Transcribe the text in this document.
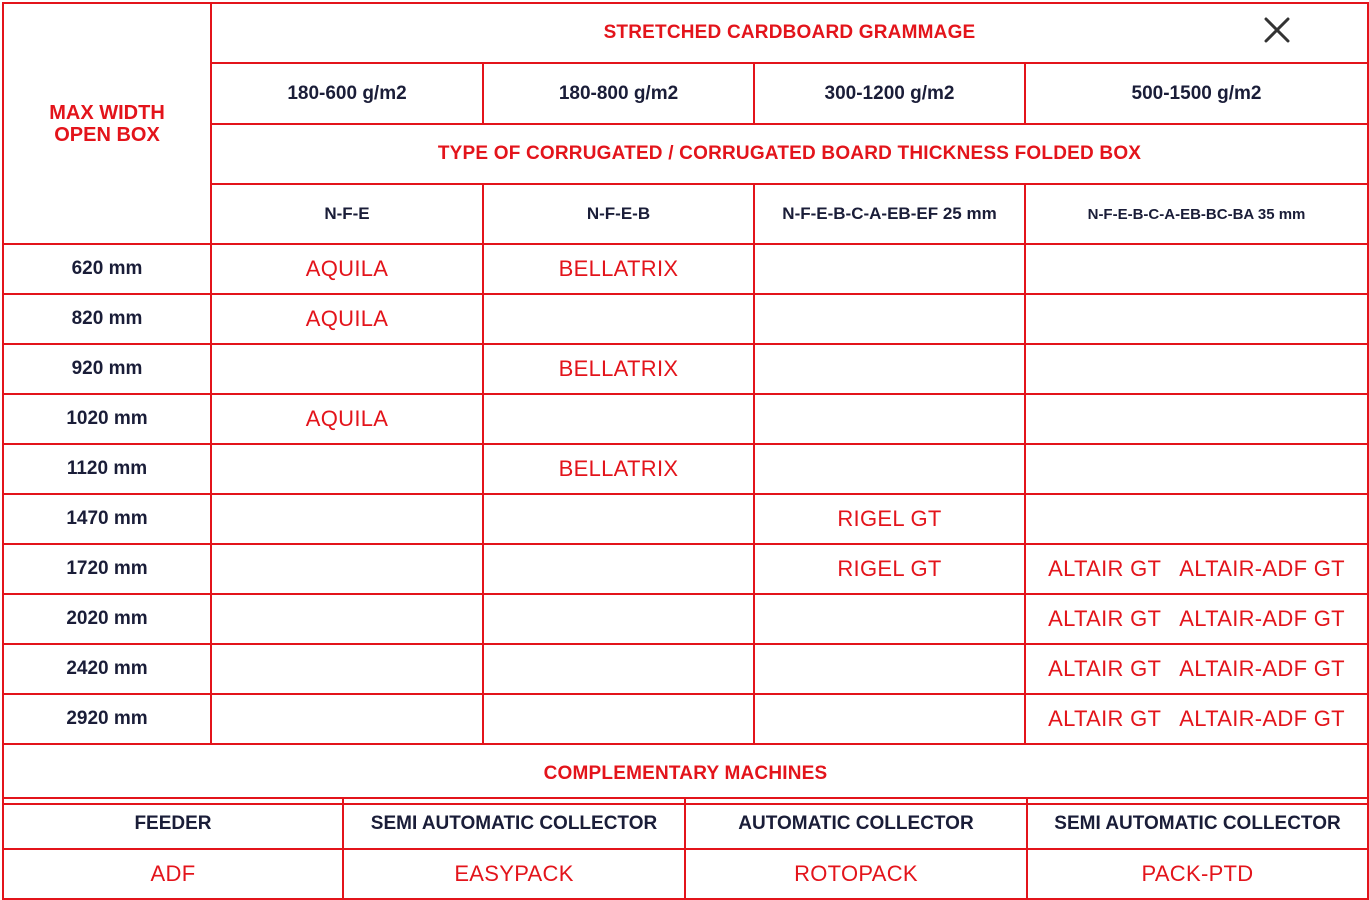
MAX WIDTH
OPEN BOX	STRETCHED CARDBOARD GRAMMAGE			
	180-600 g/m2	180-800 g/m2	300-1200 g/m2	500-1500 g/m2
	TYPE OF CORRUGATED / CORRUGATED BOARD THICKNESS FOLDED BOX			
	N-F-E	N-F-E-B	N-F-E-B-C-A-EB-EF 25 mm	N-F-E-B-C-A-EB-BC-BA 35 mm
620 mm	AQUILA	BELLATRIX		
820 mm	AQUILA			
920 mm		BELLATRIX		
1020 mm	AQUILA			
1120 mm		BELLATRIX		
1470 mm			RIGEL GT	
1720 mm			RIGEL GT	ALTAIR GT ALTAIR-ADF GT
2020 mm				ALTAIR GT ALTAIR-ADF GT
2420 mm				ALTAIR GT ALTAIR-ADF GT
2920 mm				ALTAIR GT ALTAIR-ADF GT
COMPLEMENTARY MACHINES				
FEEDER	SEMI AUTOMATIC COLLECTOR	AUTOMATIC COLLECTOR	SEMI AUTOMATIC COLLECTOR
ADF	EASYPACK	ROTOPACK	PACK-PTD
